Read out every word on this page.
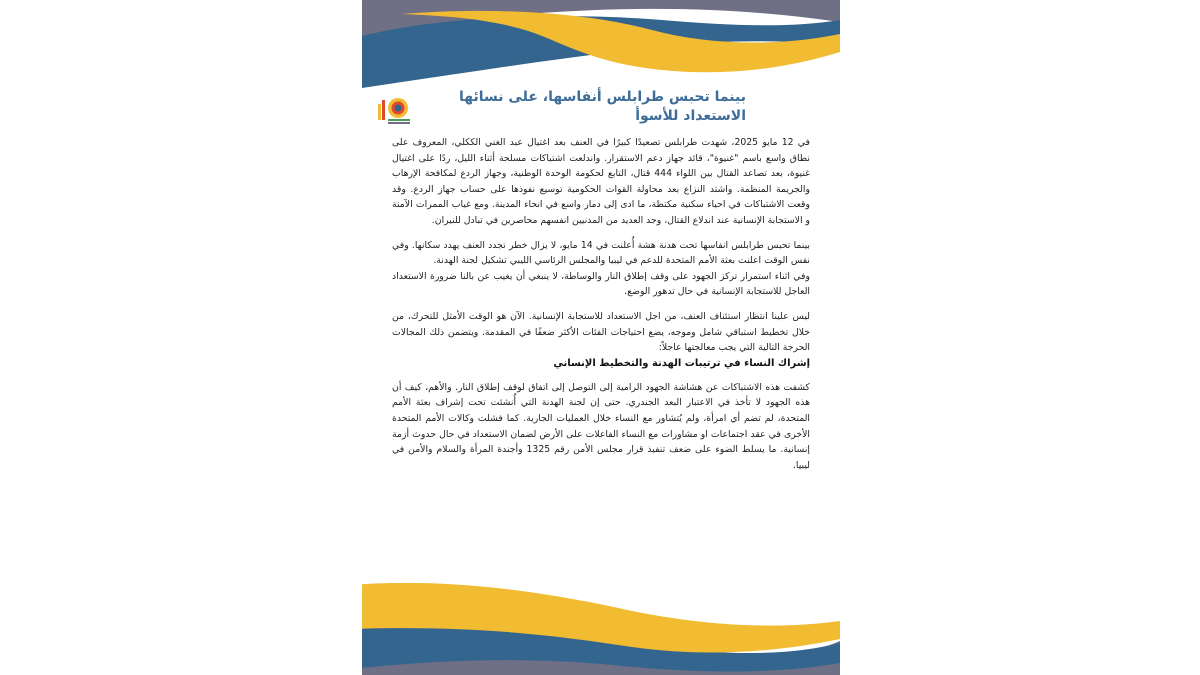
بينما تحبس طرابلس أنفاسها، على نسائها
الاستعداد للأسوأ

في 12 مايو 2025، شهدت طرابلس تصعيدًا كبيرًا في العنف بعد اغتيال عبد الغني الككلي، المعروف على نطاق واسع باسم "غنيوة"، قائد جهاز دعم الاستقرار. واندلعت اشتباكات مسلحة أثناء الليل، ردًا على اغتيال غنيوة، بعد تصاعد القتال بين اللواء 444 قتال، التابع لحكومة الوحدة الوطنية، وجهاز الردع لمكافحة الإرهاب والجريمة المنظمة. واشتد النزاع بعد محاولة القوات الحكومية توسيع نفوذها على حساب جهاز الردع. وقد وقعت الاشتباكات في احياء سكنية مكتظة، ما ادى إلى دمار واسع في انحاء المدينة. ومع غياب الممرات الآمنة و الاستجابة الإنسانية عند اندلاع القتال، وجد العديد من المدنيين انفسهم محاصرين في تبادل للنيران.

بينما تحبس طرابلس انفاسها تحت هدنة هشة أُعلنت في 14 مايو، لا يزال خطر تجدد العنف يهدد سكانها. وفي نفس الوقت اعلنت بعثة الأمم المتحدة للدعم في ليبيا والمجلس الرئاسي الليبي تشكيل لجنة الهدنة.

وفي اثناء استمرار تركز الجهود على وقف إطلاق النار والوساطة، لا ينبغي أن يغيب عن بالنا ضرورة الاستعداد العاجل للاستجابة الإنسانية في حال تدهور الوضع.

ليس علينا انتظار استئناف العنف، من اجل الاستعداد للاستجابة الإنسانية. الآن هو الوقت الأمثل للتحرك، من خلال تخطيط استباقي شامل وموجه، يضع احتياجات الفئات الأكثر ضعفًا في المقدمة. ويتضمن ذلك المجالات الحرجة التالية التي يجب معالجتها عاجلاً:

إشراك النساء في ترتيبات الهدنة والتخطيط الإنساني

كشفت هذه الاشتباكات عن هشاشة الجهود الرامية إلى التوصل إلى اتفاق لوقف إطلاق النار. والأهم، كيف أن هذه الجهود لا تأخذ في الاعتبار البعد الجندري. حتى إن لجنة الهدنة التي أُنشئت تحت إشراف بعثة الأمم المتحدة، لم تضم أي امرأة، ولم يُتشاور مع النساء خلال العمليات الجارية. كما فشلت وكالات الأمم المتحدة الأخرى في عقد اجتماعات او مشاورات مع النساء الفاعلات على الأرض لضمان الاستعداد في حال حدوث أزمة إنسانية. ما يسلط الضوء على ضعف تنفيذ قرار مجلس الأمن رقم 1325 وأجندة المرأة والسلام والأمن في ليبيا.
